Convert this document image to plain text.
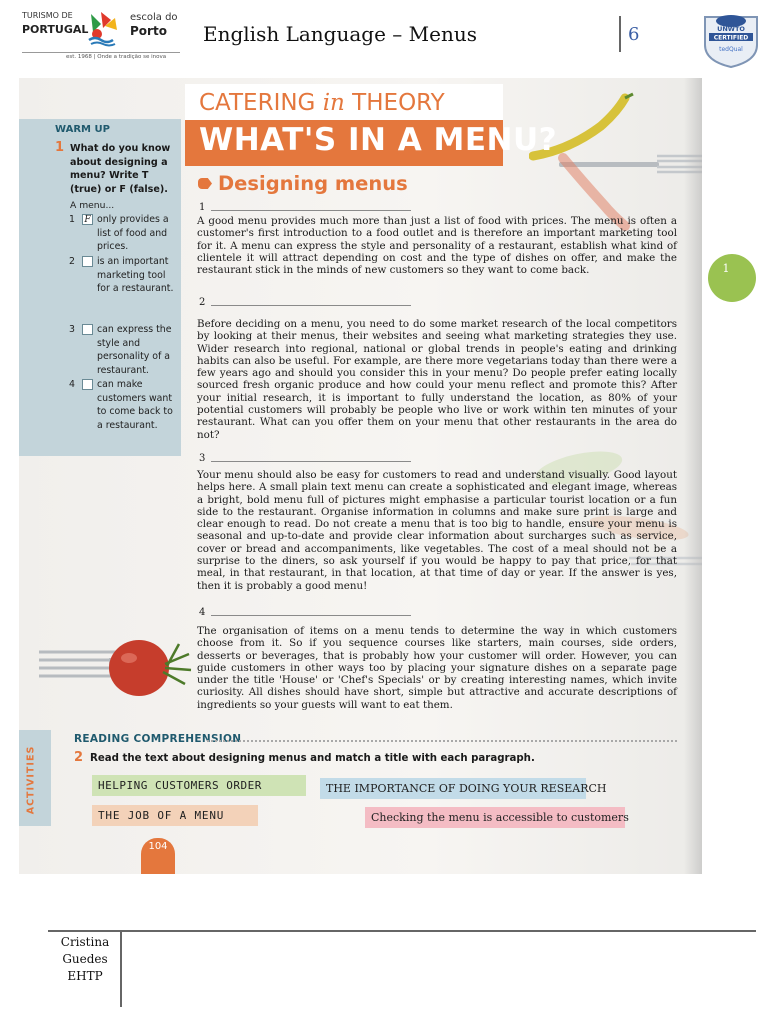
TURISMO DE
PORTUGAL
escola do
Porto
est. 1968 | Onde a tradição se inova
English Language – Menus	6	UNWTO
CERTIFIED
tedQual
WARM UP
1 What do you know about designing a menu? Write T (true) or F (false).
A menu...
1 F only provides a list of food and prices.
2 is an important marketing tool for a restaurant.
3 can express the style and personality of a restaurant.
4 can make customers want to come back to a restaurant.
CATERING in THEORY
WHAT'S IN A MENU?
Designing menus
1
A good menu provides much more than just a list of food with prices. The menu is often a customer's first introduction to a food outlet and is therefore an important marketing tool for it. A menu can express the style and personality of a restaurant, establish what kind of clientele it will attract depending on cost and the type of dishes on offer, and make the restaurant stick in the minds of new customers so they want to come back.
2
Before deciding on a menu, you need to do some market research of the local competitors by looking at their menus, their websites and seeing what marketing strategies they use. Wider research into regional, national or global trends in people's eating and drinking habits can also be useful. For example, are there more vegetarians today than there were a few years ago and should you consider this in your menu? Do people prefer eating locally sourced fresh organic produce and how could your menu reflect and promote this? After your initial research, it is important to fully understand the location, as 80% of your potential customers will probably be people who live or work within ten minutes of your restaurant. What can you offer them on your menu that other restaurants in the area do not?
3
Your menu should also be easy for customers to read and understand visually. Good layout helps here. A small plain text menu can create a sophisticated and elegant image, whereas a bright, bold menu full of pictures might emphasise a particular tourist location or a fun side to the restaurant. Organise information in columns and make sure print is large and clear enough to read. Do not create a menu that is too big to handle, ensure your menu is seasonal and up-to-date and provide clear information about surcharges such as service, cover or bread and accompaniments, like vegetables. The cost of a meal should not be a surprise to the diners, so ask yourself if you would be happy to pay that price, for that meal, in that restaurant, in that location, at that time of day or year. If the answer is yes, then it is probably a good menu!
4
The organisation of items on a menu tends to determine the way in which customers choose from it. So if you sequence courses like starters, main courses, side orders, desserts or beverages, that is probably how your customer will order. However, you can guide customers in other ways too by placing your signature dishes on a separate page under the title 'House' or 'Chef's Specials' or by creating interesting names, which invite curiosity. All dishes should have short, simple but attractive and accurate descriptions of ingredients so your guests will want to eat them.
ACTIVITIES
READING COMPREHENSION
2 Read the text about designing menus and match a title with each paragraph.
HELPING CUSTOMERS ORDER	THE IMPORTANCE OF DOING YOUR RESEARCH
THE JOB OF A MENU	Checking the menu is accessible to customers
104
1
Cristina
Guedes
EHTP
